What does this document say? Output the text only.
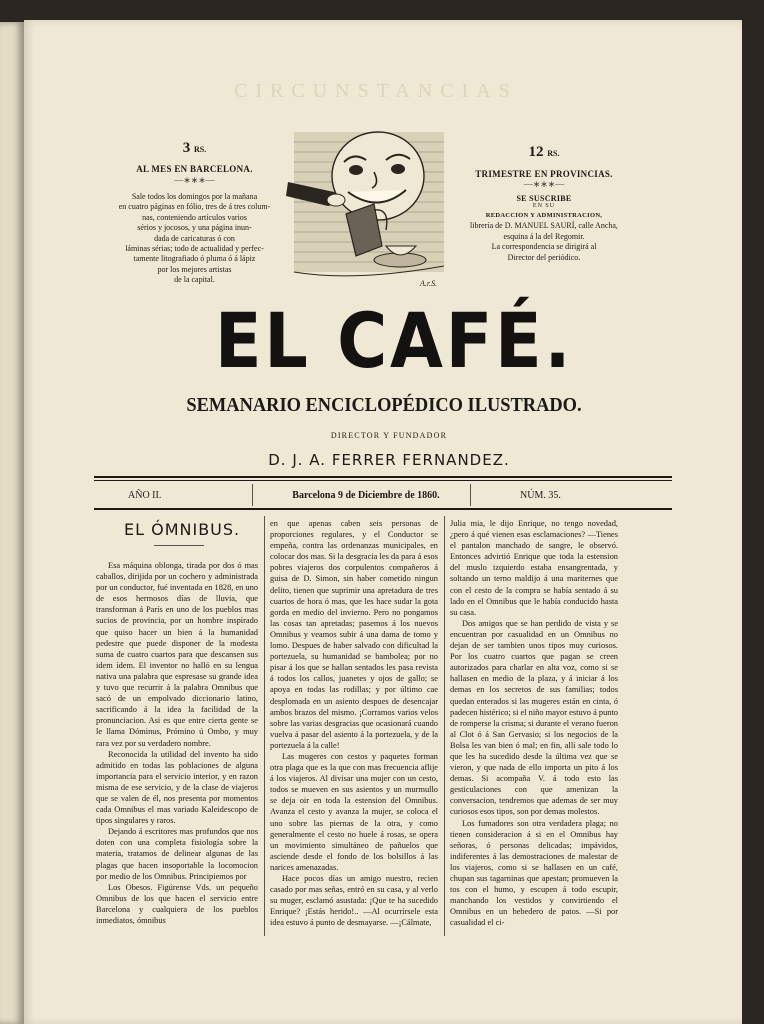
CIRCUNSTANCIAS
3 RS.
AL MES EN BARCELONA.
—∗∗∗—
Sale todos los domingos por la mañana
en cuatro páginas en fólio, tres de á tres colum-
nas, conteniendo artículos varios
sérios y jocosos, y una página inun-
dada de caricaturas ó con
láminas sérias; todo de actualidad y perfec-
tamente litografiado ó pluma ó á lápiz
por los mejores artistas
de la capital.	A.r.S.
12 RS.
TRIMESTRE EN PROVINCIAS.
—∗∗∗—
SE SUSCRIBE
EN SU
REDACCION Y ADMINISTRACION,
librería de D. MANUEL SAURÍ, calle Ancha,
esquina á la del Regomir.
La correspondencia se dirigirá al
Director del periódico.
EL CAFÉ.
SEMANARIO ENCICLOPÉDICO ILUSTRADO.
DIRECTOR Y FUNDADOR
D. J. A. FERRER FERNANDEZ.
AÑO II.	Barcelona 9 de Diciembre de 1860.	NÚM. 35.
EL ÓMNIBUS.

Esa máquina oblonga, tirada por dos ó mas caballos, dirijida por un cochero y administrada por un conductor, fué inventada en 1828, en uno de esos hermosos días de lluvia, que transforman á París en uno de los pueblos mas sucios de provincia, por un hombre inspirado que quiso hacer un bien á la humanidad pedestre que puede disponer de la modesta suma de cuatro cuartos para que descansen sus idem ídem. El inventor no halló en su lengua nativa una palabra que espresase su grande idea y tuvo que recurrir á la palabra Omnibus que sacó de un empolvado diccionario latino, sacrificando á la idea la facilidad de la pronunciacion. Asi es que entre cierta gente se le llama Dóminus, Prómino ú Ombo, y muy rara vez por su verdadero nombre.

Reconocida la utilidad del invento ha sido admitido en todas las poblaciones de alguna importancia para el servicio interior, y en razon misma de ese servicio, y de la clase de viajeros que se valen de él, nos presenta por momentos cada Omnibus el mas variado Kaleidescopo de tipos singulares y raros.

Dejando á escritores mas profundos que nos doten con una completa fisiología sobre la materia, tratamos de delinear algunas de las plagas que hacen insoportable la locomocion por medio de los Omnibus. Principiemos por

Los Obesos. Figúrense Vds. un pequeño Omnibus de los que hacen el servicio entre Barcelona y cualquiera de los pueblos inmediatos, ómnibus

en que apenas caben seis personas de proporciones regulares, y el Conductor se empeña, contra las ordenanzas municipales, en colocar dos mas. Si la desgracia les da para á esos pobres viajeros dos corpulentos compañeros á guisa de D. Simon, sin haber cometido ningun delito, tienen que suprimir una apretadura de tres cuartos de hora ó mas, que les hace sudar la gota gorda en medio del invierno. Pero no pongamos las cosas tan apretadas; pasemos á los nuevos Omnibus y veamos subir á una dama de tomo y lomo. Despues de haber salvado con dificultad la portezuela, su humanidad se bambolea; por no pisar á los que se hallan sentados les pasa revista á todos los callos, juanetes y ojos de gallo; se apoya en todas las rodillas; y por último cae desplomada en un asiento despues de desencajar ambos brazos del mismo. ¡Corramos varios velos sobre las varias desgracias que ocasionará cuando vuelva á pasar del asiento á la portezuela, y de la portezuela á la calle!

Las mugeres con cestos y paquetes forman otra plaga que es la que con mas frecuencia aflije á los viajeros. Al divisar una mujer con un cesto, todos se mueven en sus asientos y un murmullo se deja oir en toda la estension del Omnibus. Avanza el cesto y avanza la mujer, se coloca el uno sobre las piernas de la otra, y como generalmente el cesto no huele á rosas, se opera un movimiento simultáneo de pañuelos que asciende desde el fondo de los bolsillos á las narices amenazadas.

Hace pocos días un amigo nuestro, recien casado por mas señas, entró en su casa, y al verlo su muger, esclamó asustada: ¡Que te ha sucedido Enrique? ¡Estás herido!.. —Al ocurrírsele esta idea estuvo á punto de desmayarse. —¡Cálmate,

Julia mia, le dijo Enrique, no tengo novedad, ¿pero á qué vienen esas esclamaciones? —Tienes el pantalon manchado de sangre, le observó. Entonces advirtió Enrique que toda la estension del muslo izquierdo estaba ensangrentada, y soltando un terno maldijo á una mariternes que con el cesto de la compra se había sentado á su lado en el Omnibus que le había conducido hasta su casa.

Dos amigos que se han perdido de vista y se encuentran por casualidad en un Omnibus no dejan de ser tambien unos tipos muy curiosos. Por los cuatro cuartos que pagan se creen autorizados para charlar en alta voz, como si se hallasen en medio de la plaza, y á iniciar á los demas en los secretos de sus familias; todos quedan enterados si las mugeres están en cinta, ó padecen histérico; si el niño mayor estuvo á punto de romperse la crisma; si durante el verano fueron al Clot ó á San Gervasio; si los negocios de la Bolsa les van bien ó mal; en fin, allí sale todo lo que les ha sucedido desde la última vez que se vieron, y que nada de ello importa un pito á los demas. Si acompaña V. á todo esto las gesticulaciones con que amenizan la conversacion, tendremos que ademas de ser muy curiosos esos tipos, son por demas molestos.

Los fumadores son otra verdadera plaga; no tienen consideracion á si en el Omnibus hay señoras, ó personas delicadas; impávidos, indiferentes á las demostraciones de malestar de los viajeros, como si se hallasen en un café, chupan sus tagarninas que apestan; promueven la tos con el humo, y escupen á todo escupir, manchando los vestidos y convirtiendo el Omnibus en un bebedero de patos. —Si por casualidad el ci-
